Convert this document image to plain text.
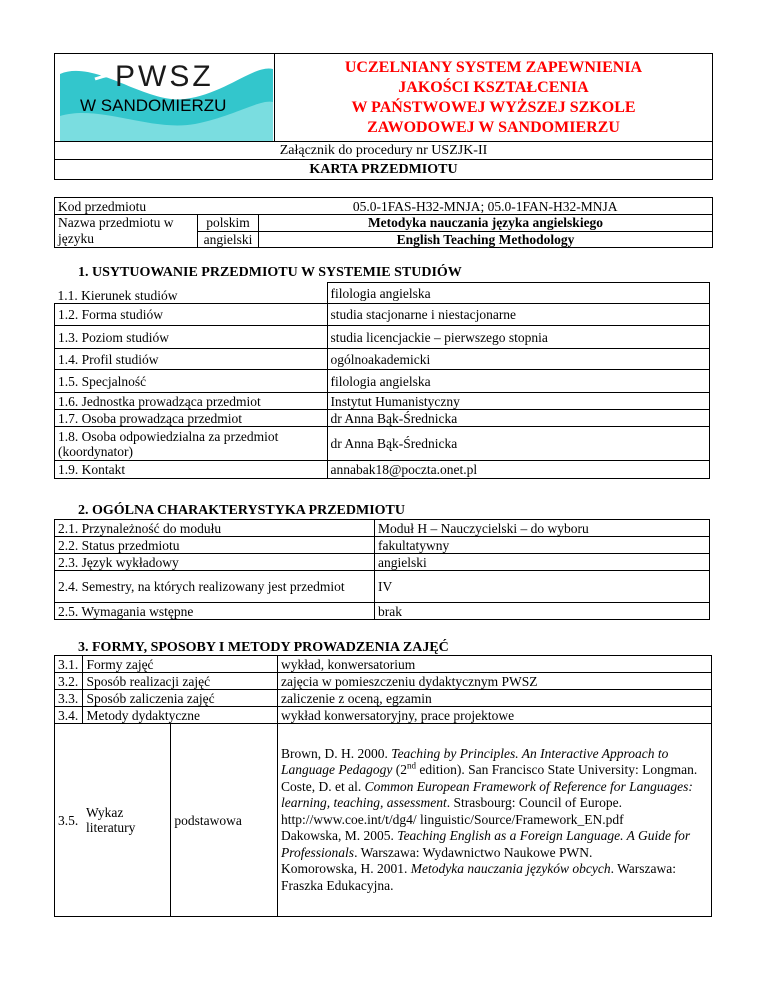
PWSZ
W SANDOMIERZU
UCZELNIANY SYSTEM ZAPEWNIENIA
JAKOŚCI KSZTAŁCENIA
W PAŃSTWOWEJ WYŻSZEJ SZKOLE
ZAWODOWEJ W SANDOMIERZU
Załącznik do procedury nr USZJK-II
KARTA PRZEDMIOTU
Kod przedmiotu		05.0-1FAS-H32-MNJA; 05.0-1FAN-H32-MNJA
Nazwa przedmiotu w języku	polskim	Metodyka nauczania języka angielskiego
	angielski	English Teaching Methodology
1. USYTUOWANIE PRZEDMIOTU W SYSTEMIE STUDIÓW
1.1. Kierunek studiów	filologia angielska
1.2. Forma studiów	studia stacjonarne i niestacjonarne
1.3. Poziom studiów	studia licencjackie – pierwszego stopnia
1.4. Profil studiów	ogólnoakademicki
1.5. Specjalność	filologia angielska
1.6. Jednostka prowadząca przedmiot	Instytut Humanistyczny
1.7. Osoba prowadząca przedmiot	dr Anna Bąk-Średnicka
1.8. Osoba odpowiedzialna za przedmiot (koordynator)	dr Anna Bąk-Średnicka
1.9. Kontakt	annabak18@poczta.onet.pl
2. OGÓLNA CHARAKTERYSTYKA PRZEDMIOTU
2.1. Przynależność do modułu	Moduł H – Nauczycielski – do wyboru
2.2. Status przedmiotu	fakultatywny
2.3. Język wykładowy	angielski
2.4. Semestry, na których realizowany jest przedmiot	IV
2.5. Wymagania wstępne	brak
3. FORMY, SPOSOBY I METODY PROWADZENIA ZAJĘĆ
3.1.	Formy zajęć		wykład, konwersatorium
3.2.	Sposób realizacji zajęć		zajęcia w pomieszczeniu dydaktycznym PWSZ
3.3.	Sposób zaliczenia zajęć		zaliczenie z oceną, egzamin
3.4.	Metody dydaktyczne		wykład konwersatoryjny, prace projektowe
3.5.	Wykaz literatury	podstawowa	Brown, D. H. 2000. Teaching by Principles. An Interactive Approach to Language Pedagogy (2nd edition). San Francisco State University: Longman.
Coste, D. et al. Common European Framework of Reference for Languages: learning, teaching, assessment. Strasbourg: Council of Europe. http://www.coe.int/t/dg4/ linguistic/Source/Framework_EN.pdf
Dakowska, M. 2005. Teaching English as a Foreign Language. A Guide for Professionals. Warszawa: Wydawnictwo Naukowe PWN.
Komorowska, H. 2001. Metodyka nauczania języków obcych. Warszawa: Fraszka Edukacyjna.
